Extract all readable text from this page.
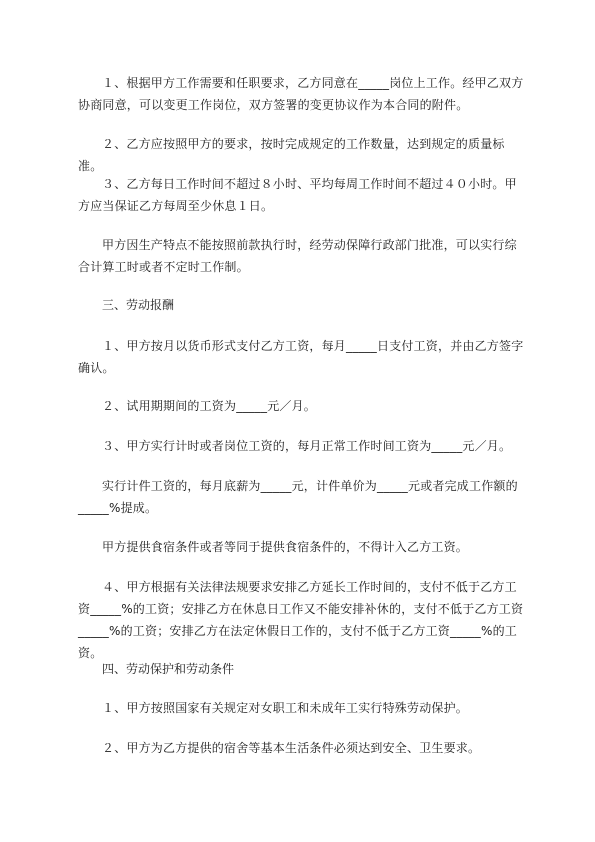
１、根据甲方工作需要和任职要求，乙方同意在_____岗位上工作。经甲乙双方协商同意，可以变更工作岗位，双方签署的变更协议作为本合同的附件。

２、乙方应按照甲方的要求，按时完成规定的工作数量，达到规定的质量标准。

３、乙方每日工作时间不超过８小时、平均每周工作时间不超过４０小时。甲方应当保证乙方每周至少休息１日。

甲方因生产特点不能按照前款执行时，经劳动保障行政部门批准，可以实行综合计算工时或者不定时工作制。

三、劳动报酬

１、甲方按月以货币形式支付乙方工资，每月_____日支付工资，并由乙方签字确认。

２、试用期期间的工资为_____元／月。

３、甲方实行计时或者岗位工资的，每月正常工作时间工资为_____元／月。

实行计件工资的，每月底薪为_____元，计件单价为_____元或者完成工作额的_____%提成。

甲方提供食宿条件或者等同于提供食宿条件的，不得计入乙方工资。

４、甲方根据有关法律法规要求安排乙方延长工作时间的，支付不低于乙方工资_____%的工资；安排乙方在休息日工作又不能安排补休的，支付不低于乙方工资_____%的工资；安排乙方在法定休假日工作的，支付不低于乙方工资_____%的工资。

四、劳动保护和劳动条件

１、甲方按照国家有关规定对女职工和未成年工实行特殊劳动保护。

２、甲方为乙方提供的宿舍等基本生活条件必须达到安全、卫生要求。
